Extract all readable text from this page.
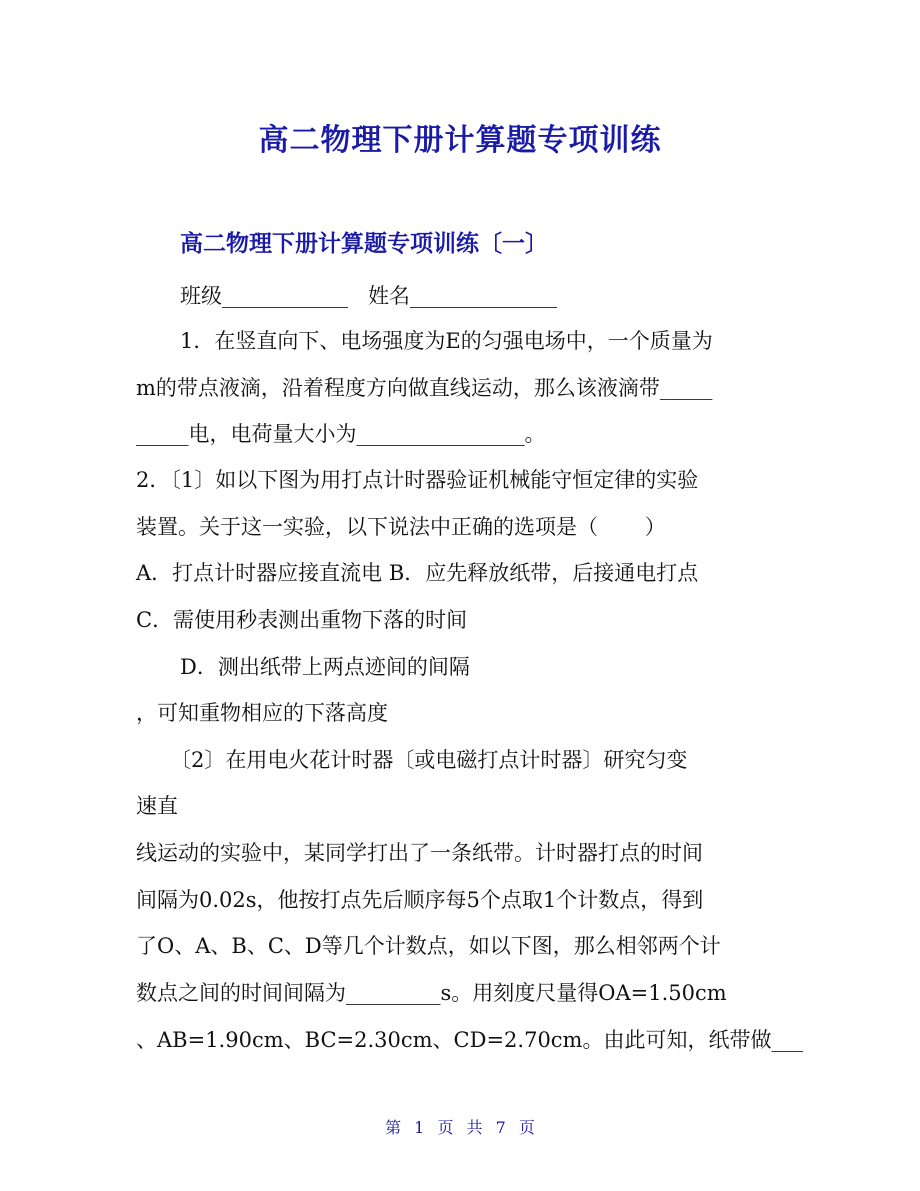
高二物理下册计算题专项训练
高二物理下册计算题专项训练〔一〕
班级____________   姓名______________
1．在竖直向下、电场强度为E的匀强电场中，一个质量为
m的带点液滴，沿着程度方向做直线运动，那么该液滴带_____
_____电，电荷量大小为________________。
2．〔1〕如以下图为用打点计时器验证机械能守恒定律的实验
装置。关于这一实验，以下说法中正确的选项是（       ）
A．打点计时器应接直流电 B．应先释放纸带，后接通电打点
C．需使用秒表测出重物下落的时间
D．测出纸带上两点迹间的间隔
，可知重物相应的下落高度
〔2〕在用电火花计时器〔或电磁打点计时器〕研究匀变
速直
线运动的实验中，某同学打出了一条纸带。计时器打点的时间
间隔为0.02s，他按打点先后顺序每5个点取1个计数点，得到
了O、A、B、C、D等几个计数点，如以下图，那么相邻两个计
数点之间的时间间隔为_________s。用刻度尺量得OA=1.50cm
、AB=1.90cm、BC=2.30cm、CD=2.70cm。由此可知，纸带做___
第 1 页 共 7 页
